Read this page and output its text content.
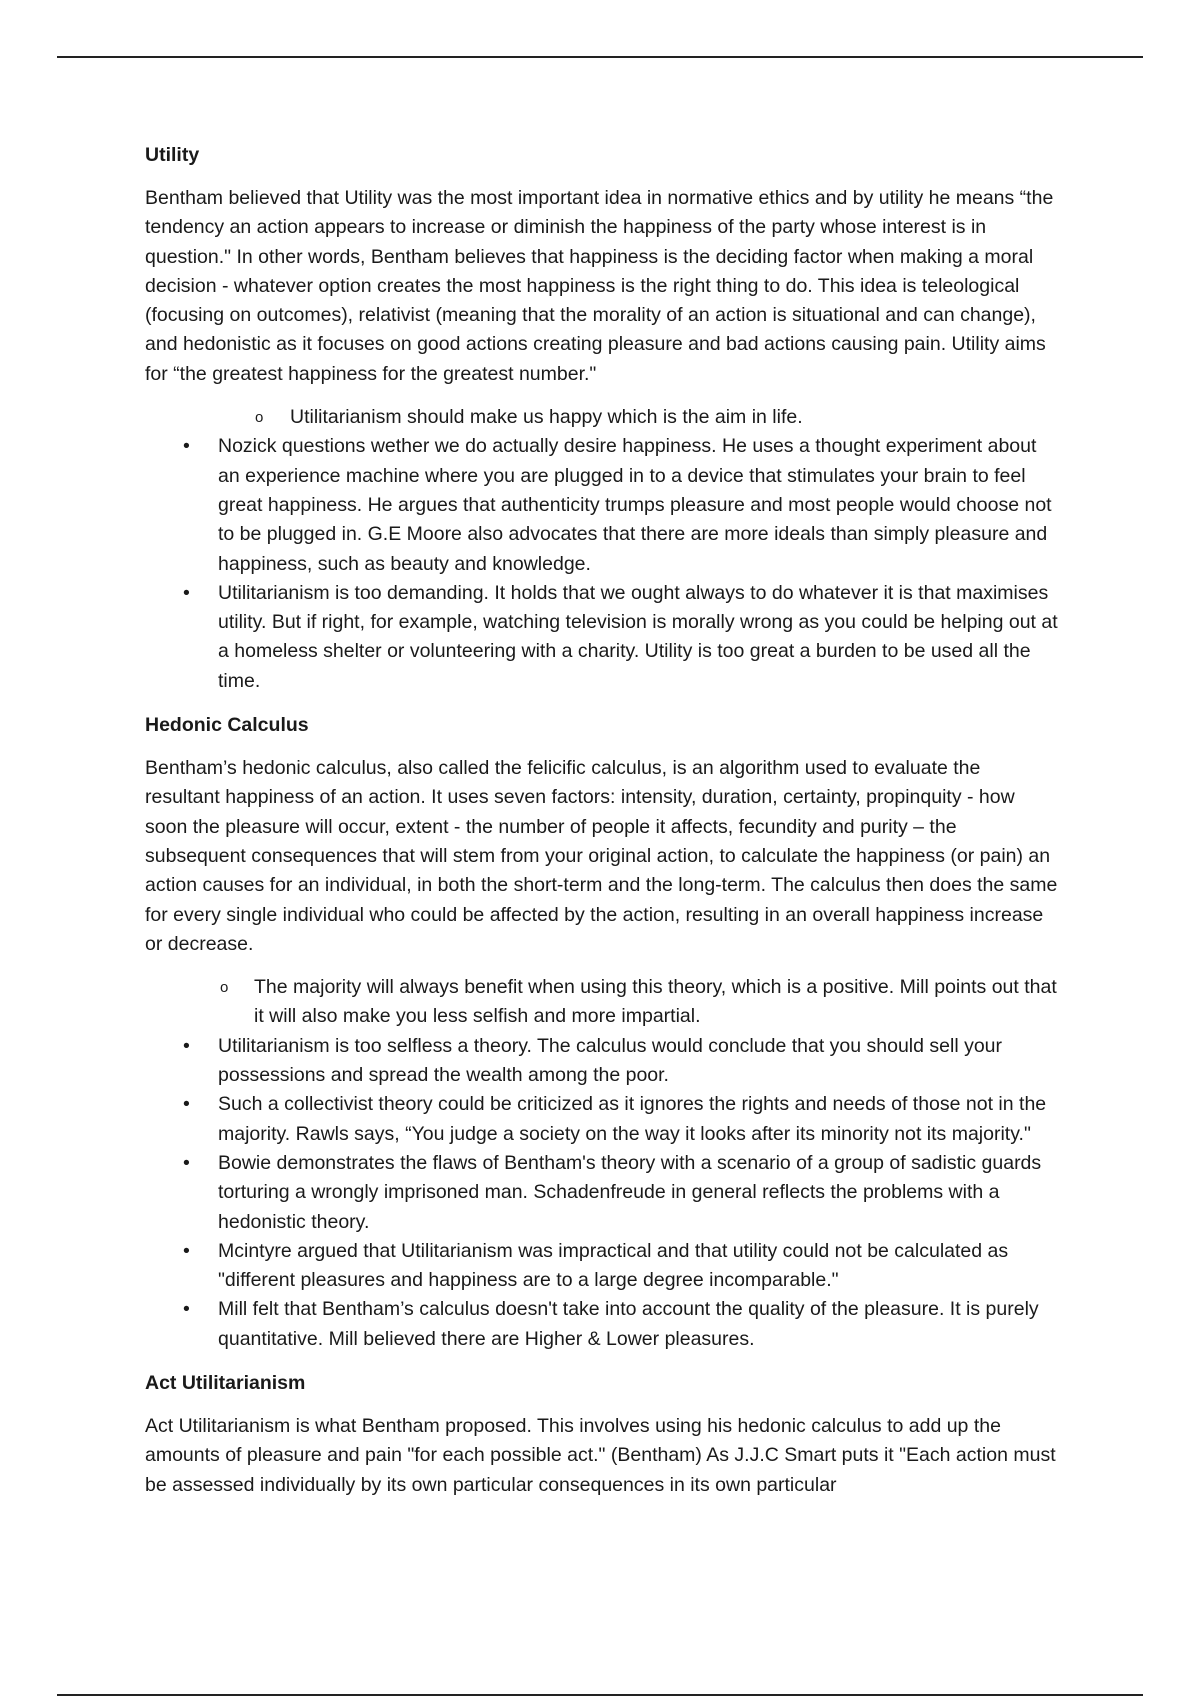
Utility

Bentham believed that Utility was the most important idea in normative ethics and by utility he means “the tendency an action appears to increase or diminish the happiness of the party whose interest is in question." In other words, Bentham believes that happiness is the deciding factor when making a moral decision - whatever option creates the most happiness is the right thing to do. This idea is teleological (focusing on outcomes), relativist (meaning that the morality of an action is situational and can change), and hedonistic as it focuses on good actions creating pleasure and bad actions causing pain. Utility aims for “the greatest happiness for the greatest number."

o Utilitarianism should make us happy which is the aim in life.
• Nozick questions wether we do actually desire happiness. He uses a thought experiment about an experience machine where you are plugged in to a device that stimulates your brain to feel great happiness. He argues that authenticity trumps pleasure and most people would choose not to be plugged in. G.E Moore also advocates that there are more ideals than simply pleasure and happiness, such as beauty and knowledge.
• Utilitarianism is too demanding. It holds that we ought always to do whatever it is that maximises utility. But if right, for example, watching television is morally wrong as you could be helping out at a homeless shelter or volunteering with a charity. Utility is too great a burden to be used all the time.
Hedonic Calculus

Bentham’s hedonic calculus, also called the felicific calculus, is an algorithm used to evaluate the resultant happiness of an action. It uses seven factors: intensity, duration, certainty, propinquity - how soon the pleasure will occur, extent - the number of people it affects, fecundity and purity – the subsequent consequences that will stem from your original action, to calculate the happiness (or pain) an action causes for an individual, in both the short-term and the long-term. The calculus then does the same for every single individual who could be affected by the action, resulting in an overall happiness increase or decrease.

o The majority will always benefit when using this theory, which is a positive. Mill points out that it will also make you less selfish and more impartial.
• Utilitarianism is too selfless a theory. The calculus would conclude that you should sell your possessions and spread the wealth among the poor.
• Such a collectivist theory could be criticized as it ignores the rights and needs of those not in the majority. Rawls says, “You judge a society on the way it looks after its minority not its majority."
• Bowie demonstrates the flaws of Bentham's theory with a scenario of a group of sadistic guards torturing a wrongly imprisoned man. Schadenfreude in general reflects the problems with a hedonistic theory.
• Mcintyre argued that Utilitarianism was impractical and that utility could not be calculated as "different pleasures and happiness are to a large degree incomparable."
• Mill felt that Bentham’s calculus doesn't take into account the quality of the pleasure. It is purely quantitative. Mill believed there are Higher & Lower pleasures.
Act Utilitarianism

Act Utilitarianism is what Bentham proposed. This involves using his hedonic calculus to add up the amounts of pleasure and pain "for each possible act." (Bentham) As J.J.C Smart puts it "Each action must be assessed individually by its own particular consequences in its own particular
